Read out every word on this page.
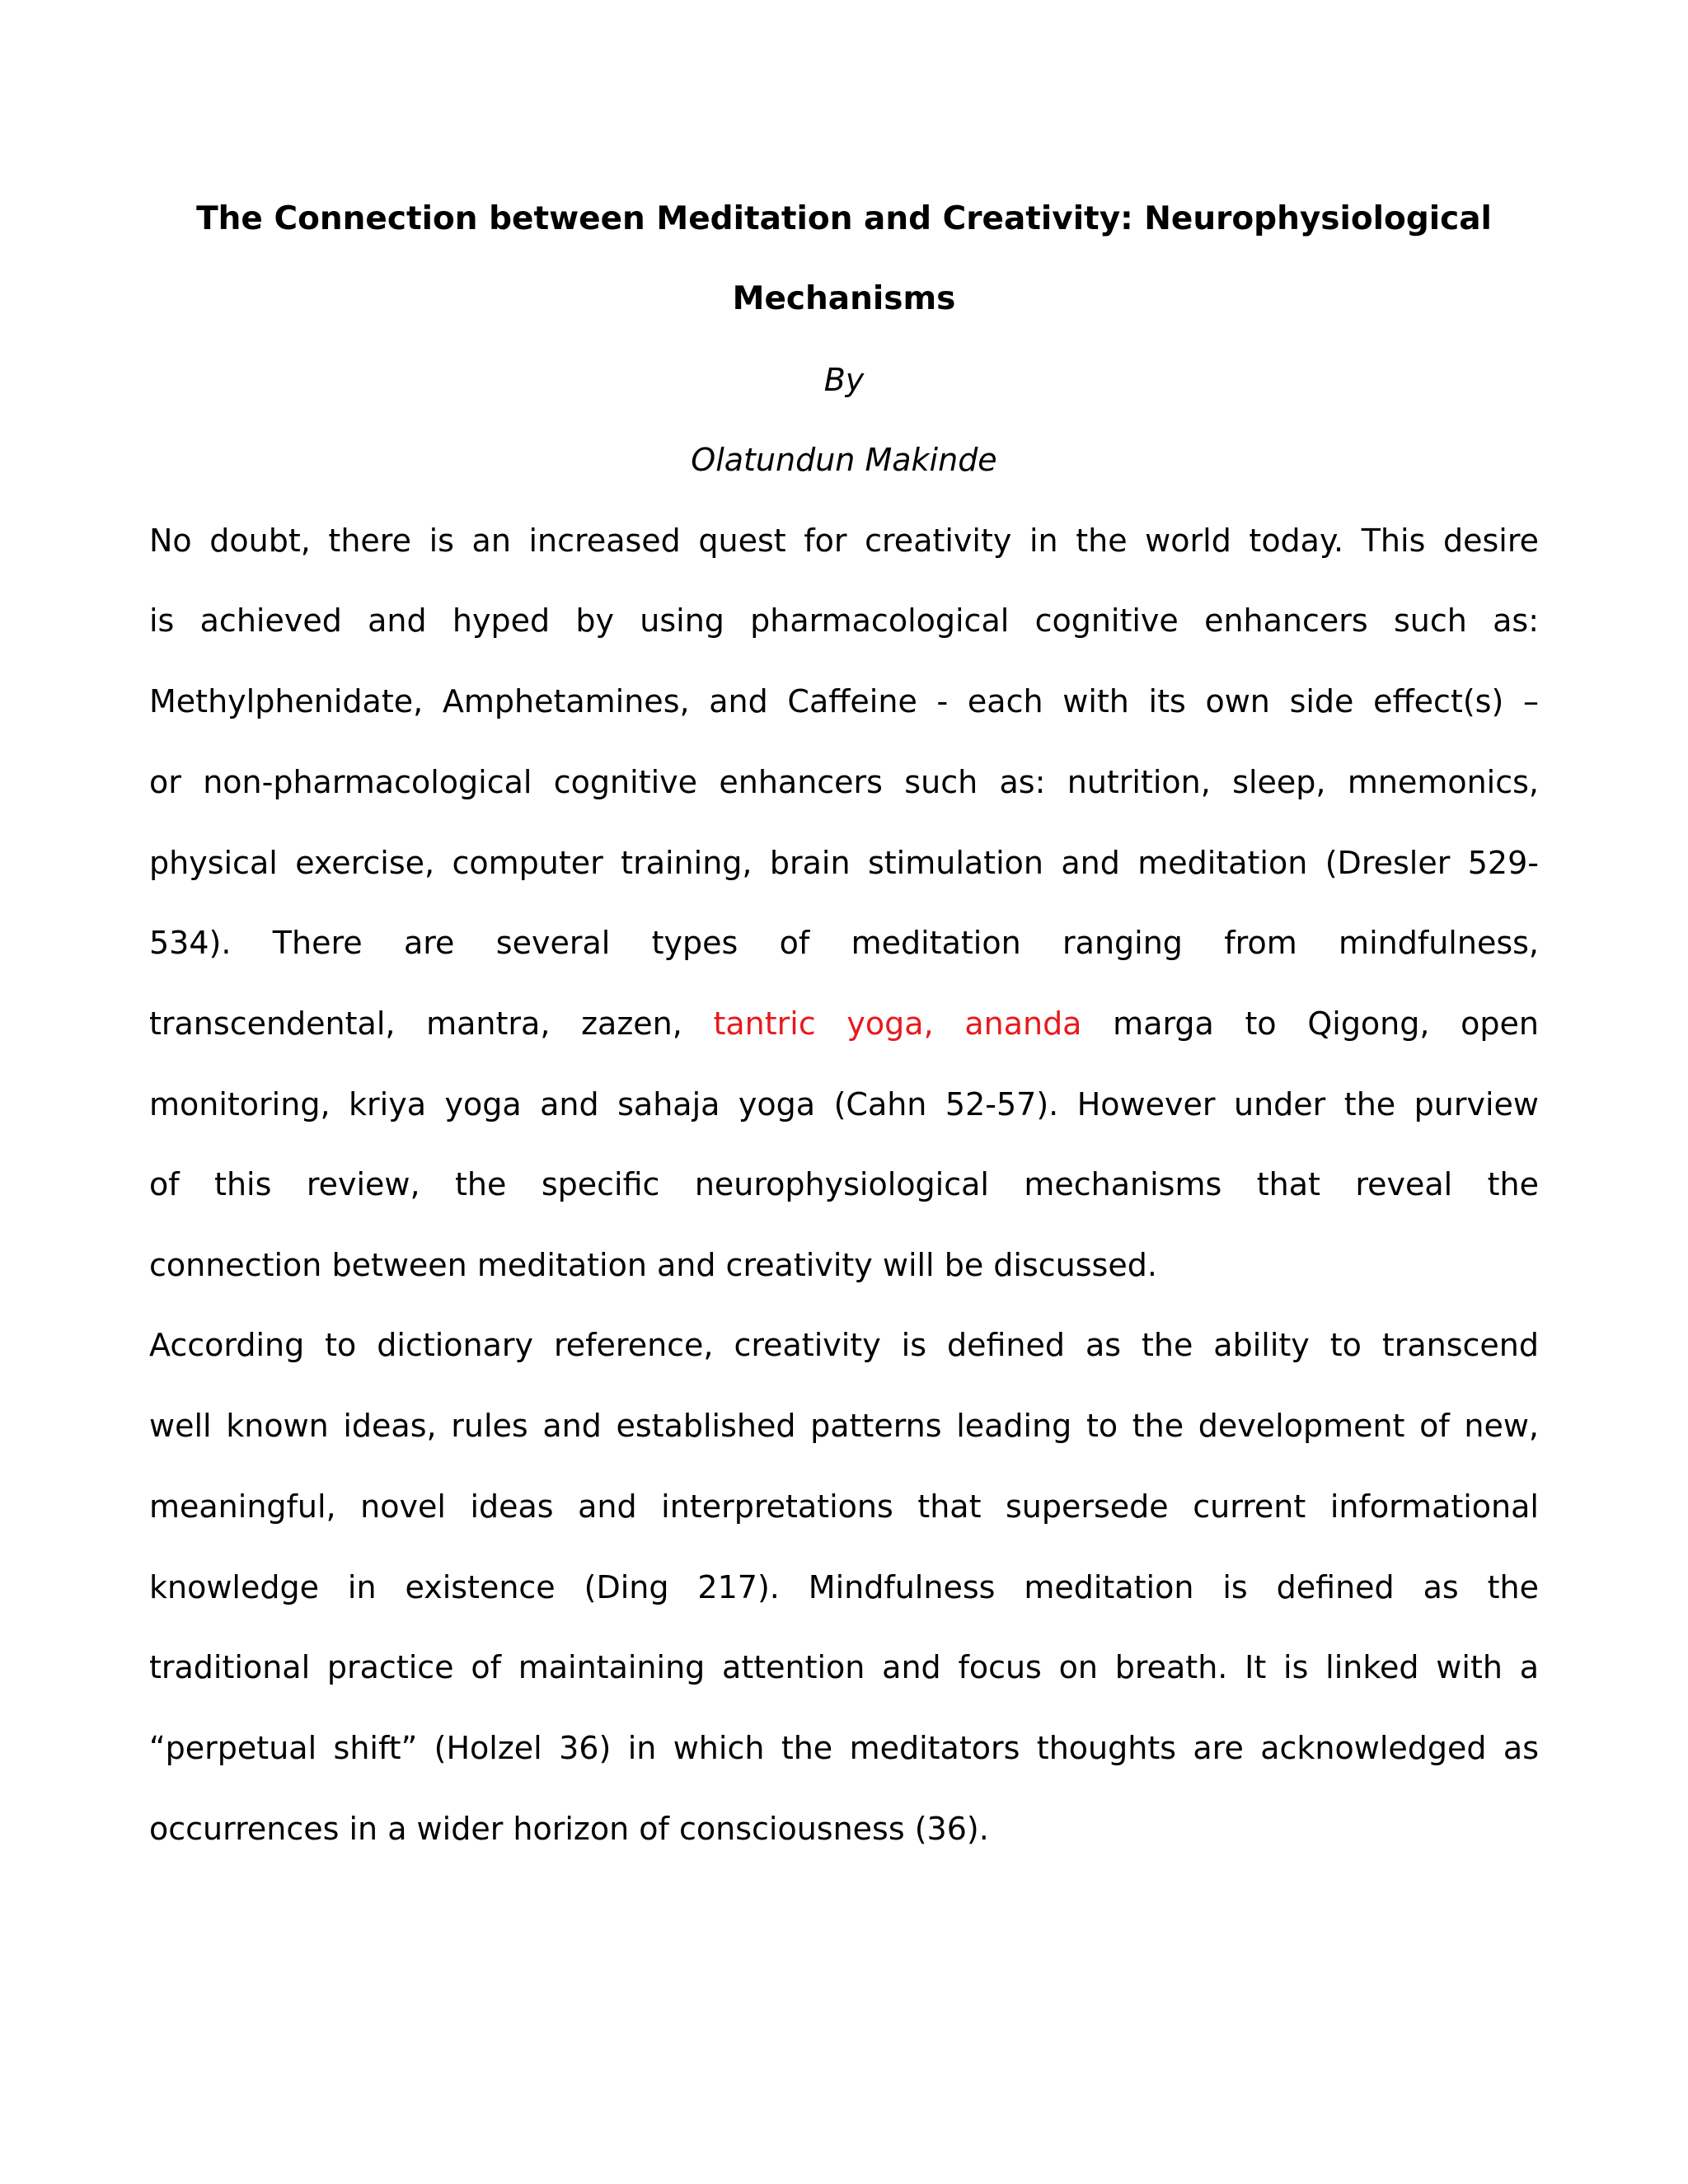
The Connection between Meditation and Creativity: Neurophysiological
Mechanisms
By
Olatundun Makinde
No doubt, there is an increased quest for creativity in the world today. This desire
is achieved and hyped by using pharmacological cognitive enhancers such as:
Methylphenidate, Amphetamines, and Caffeine - each with its own side effect(s) –
or non-pharmacological cognitive enhancers such as: nutrition, sleep, mnemonics,
physical exercise, computer training, brain stimulation and meditation (Dresler 529-
534). There are several types of meditation ranging from mindfulness,
transcendental, mantra, zazen, tantric yoga, ananda marga to Qigong, open
monitoring, kriya yoga and sahaja yoga (Cahn 52-57). However under the purview
of this review, the specific neurophysiological mechanisms that reveal the
connection between meditation and creativity will be discussed.
According to dictionary reference, creativity is defined as the ability to transcend
well known ideas, rules and established patterns leading to the development of new,
meaningful, novel ideas and interpretations that supersede current informational
knowledge in existence (Ding 217). Mindfulness meditation is defined as the
traditional practice of maintaining attention and focus on breath. It is linked with a
“perpetual shift” (Holzel 36) in which the meditators thoughts are acknowledged as
occurrences in a wider horizon of consciousness (36).
